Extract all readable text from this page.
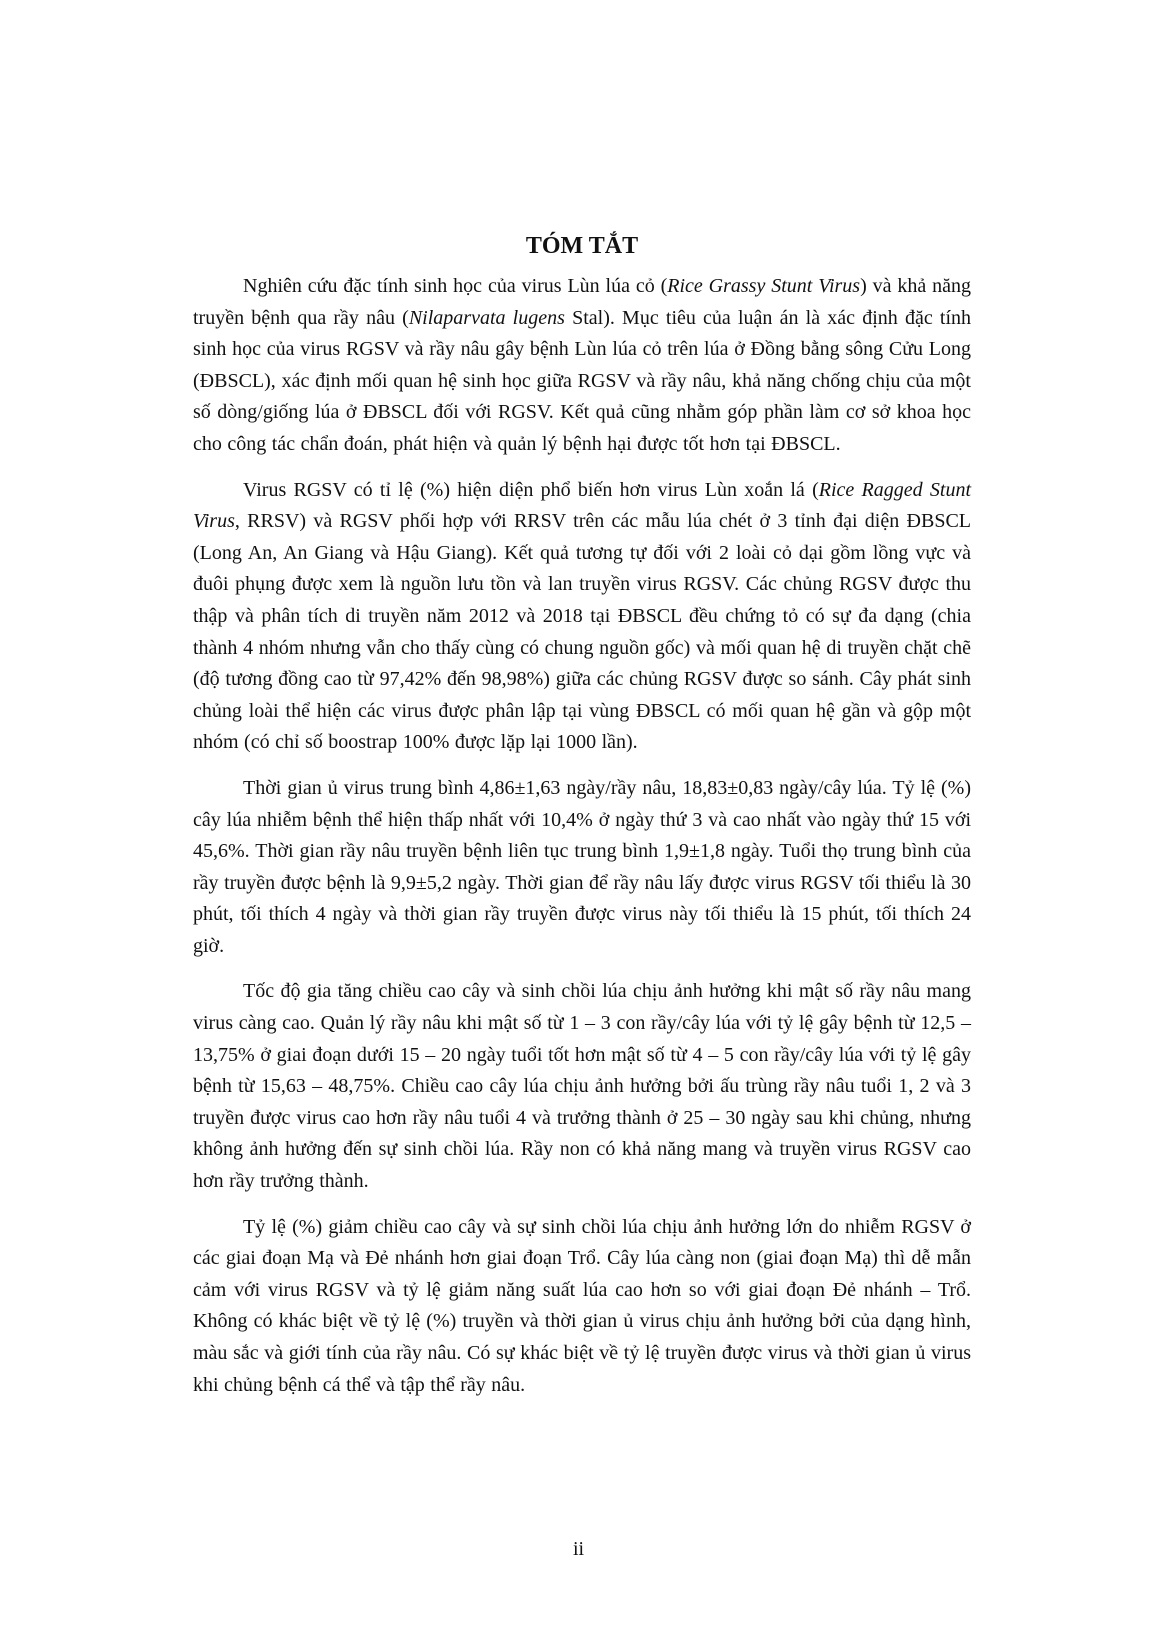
TÓM TẮT

Nghiên cứu đặc tính sinh học của virus Lùn lúa cỏ (Rice Grassy Stunt Virus) và khả năng truyền bệnh qua rầy nâu (Nilaparvata lugens Stal). Mục tiêu của luận án là xác định đặc tính sinh học của virus RGSV và rầy nâu gây bệnh Lùn lúa cỏ trên lúa ở Đồng bằng sông Cửu Long (ĐBSCL), xác định mối quan hệ sinh học giữa RGSV và rầy nâu, khả năng chống chịu của một số dòng/giống lúa ở ĐBSCL đối với RGSV. Kết quả cũng nhằm góp phần làm cơ sở khoa học cho công tác chẩn đoán, phát hiện và quản lý bệnh hại được tốt hơn tại ĐBSCL.

Virus RGSV có tỉ lệ (%) hiện diện phổ biến hơn virus Lùn xoắn lá (Rice Ragged Stunt Virus, RRSV) và RGSV phối hợp với RRSV trên các mẫu lúa chét ở 3 tỉnh đại diện ĐBSCL (Long An, An Giang và Hậu Giang). Kết quả tương tự đối với 2 loài cỏ dại gồm lồng vực và đuôi phụng được xem là nguồn lưu tồn và lan truyền virus RGSV. Các chủng RGSV được thu thập và phân tích di truyền năm 2012 và 2018 tại ĐBSCL đều chứng tỏ có sự đa dạng (chia thành 4 nhóm nhưng vẫn cho thấy cùng có chung nguồn gốc) và mối quan hệ di truyền chặt chẽ (độ tương đồng cao từ 97,42% đến 98,98%) giữa các chủng RGSV được so sánh. Cây phát sinh chủng loài thể hiện các virus được phân lập tại vùng ĐBSCL có mối quan hệ gần và gộp một nhóm (có chỉ số boostrap 100% được lặp lại 1000 lần).

Thời gian ủ virus trung bình 4,86±1,63 ngày/rầy nâu, 18,83±0,83 ngày/cây lúa. Tỷ lệ (%) cây lúa nhiễm bệnh thể hiện thấp nhất với 10,4% ở ngày thứ 3 và cao nhất vào ngày thứ 15 với 45,6%. Thời gian rầy nâu truyền bệnh liên tục trung bình 1,9±1,8 ngày. Tuổi thọ trung bình của rầy truyền được bệnh là 9,9±5,2 ngày. Thời gian để rầy nâu lấy được virus RGSV tối thiểu là 30 phút, tối thích 4 ngày và thời gian rầy truyền được virus này tối thiểu là 15 phút, tối thích 24 giờ.

Tốc độ gia tăng chiều cao cây và sinh chồi lúa chịu ảnh hưởng khi mật số rầy nâu mang virus càng cao. Quản lý rầy nâu khi mật số từ 1 – 3 con rầy/cây lúa với tỷ lệ gây bệnh từ 12,5 – 13,75% ở giai đoạn dưới 15 – 20 ngày tuổi tốt hơn mật số từ 4 – 5 con rầy/cây lúa với tỷ lệ gây bệnh từ 15,63 – 48,75%. Chiều cao cây lúa chịu ảnh hưởng bởi ấu trùng rầy nâu tuổi 1, 2 và 3 truyền được virus cao hơn rầy nâu tuổi 4 và trưởng thành ở 25 – 30 ngày sau khi chủng, nhưng không ảnh hưởng đến sự sinh chồi lúa. Rầy non có khả năng mang và truyền virus RGSV cao hơn rầy trưởng thành.

Tỷ lệ (%) giảm chiều cao cây và sự sinh chồi lúa chịu ảnh hưởng lớn do nhiễm RGSV ở các giai đoạn Mạ và Đẻ nhánh hơn giai đoạn Trổ. Cây lúa càng non (giai đoạn Mạ) thì dễ mẫn cảm với virus RGSV và tỷ lệ giảm năng suất lúa cao hơn so với giai đoạn Đẻ nhánh – Trổ. Không có khác biệt về tỷ lệ (%) truyền và thời gian ủ virus chịu ảnh hưởng bởi của dạng hình, màu sắc và giới tính của rầy nâu. Có sự khác biệt về tỷ lệ truyền được virus và thời gian ủ virus khi chủng bệnh cá thể và tập thể rầy nâu.

ii
